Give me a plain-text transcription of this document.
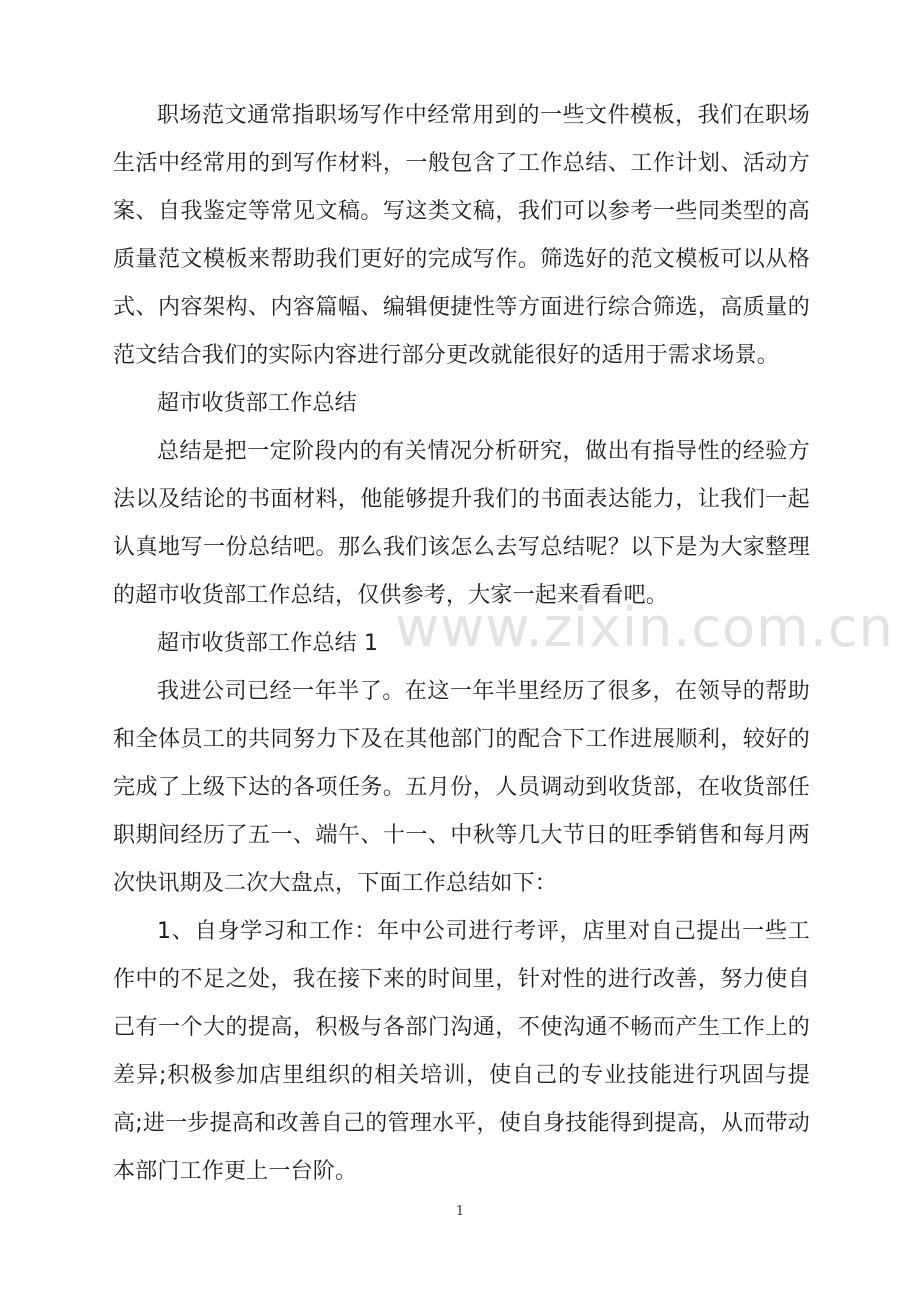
职场范文通常指职场写作中经常用到的一些文件模板，我们在职场生活中经常用的到写作材料，一般包含了工作总结、工作计划、活动方案、自我鉴定等常见文稿。写这类文稿，我们可以参考一些同类型的高质量范文模板来帮助我们更好的完成写作。筛选好的范文模板可以从格式、内容架构、内容篇幅、编辑便捷性等方面进行综合筛选，高质量的范文结合我们的实际内容进行部分更改就能很好的适用于需求场景。

超市收货部工作总结

总结是把一定阶段内的有关情况分析研究，做出有指导性的经验方法以及结论的书面材料，他能够提升我们的书面表达能力，让我们一起认真地写一份总结吧。那么我们该怎么去写总结呢？以下是为大家整理的超市收货部工作总结，仅供参考，大家一起来看看吧。

超市收货部工作总结 1

我进公司已经一年半了。在这一年半里经历了很多，在领导的帮助和全体员工的共同努力下及在其他部门的配合下工作进展顺利，较好的完成了上级下达的各项任务。五月份，人员调动到收货部，在收货部任职期间经历了五一、端午、十一、中秋等几大节日的旺季销售和每月两次快讯期及二次大盘点，下面工作总结如下：

1、自身学习和工作：年中公司进行考评，店里对自己提出一些工作中的不足之处，我在接下来的时间里，针对性的进行改善，努力使自己有一个大的提高，积极与各部门沟通，不使沟通不畅而产生工作上的差异;积极参加店里组织的相关培训，使自己的专业技能进行巩固与提高;进一步提高和改善自己的管理水平，使自身技能得到提高，从而带动本部门工作更上一台阶。

www.zixin.com.cn
1
